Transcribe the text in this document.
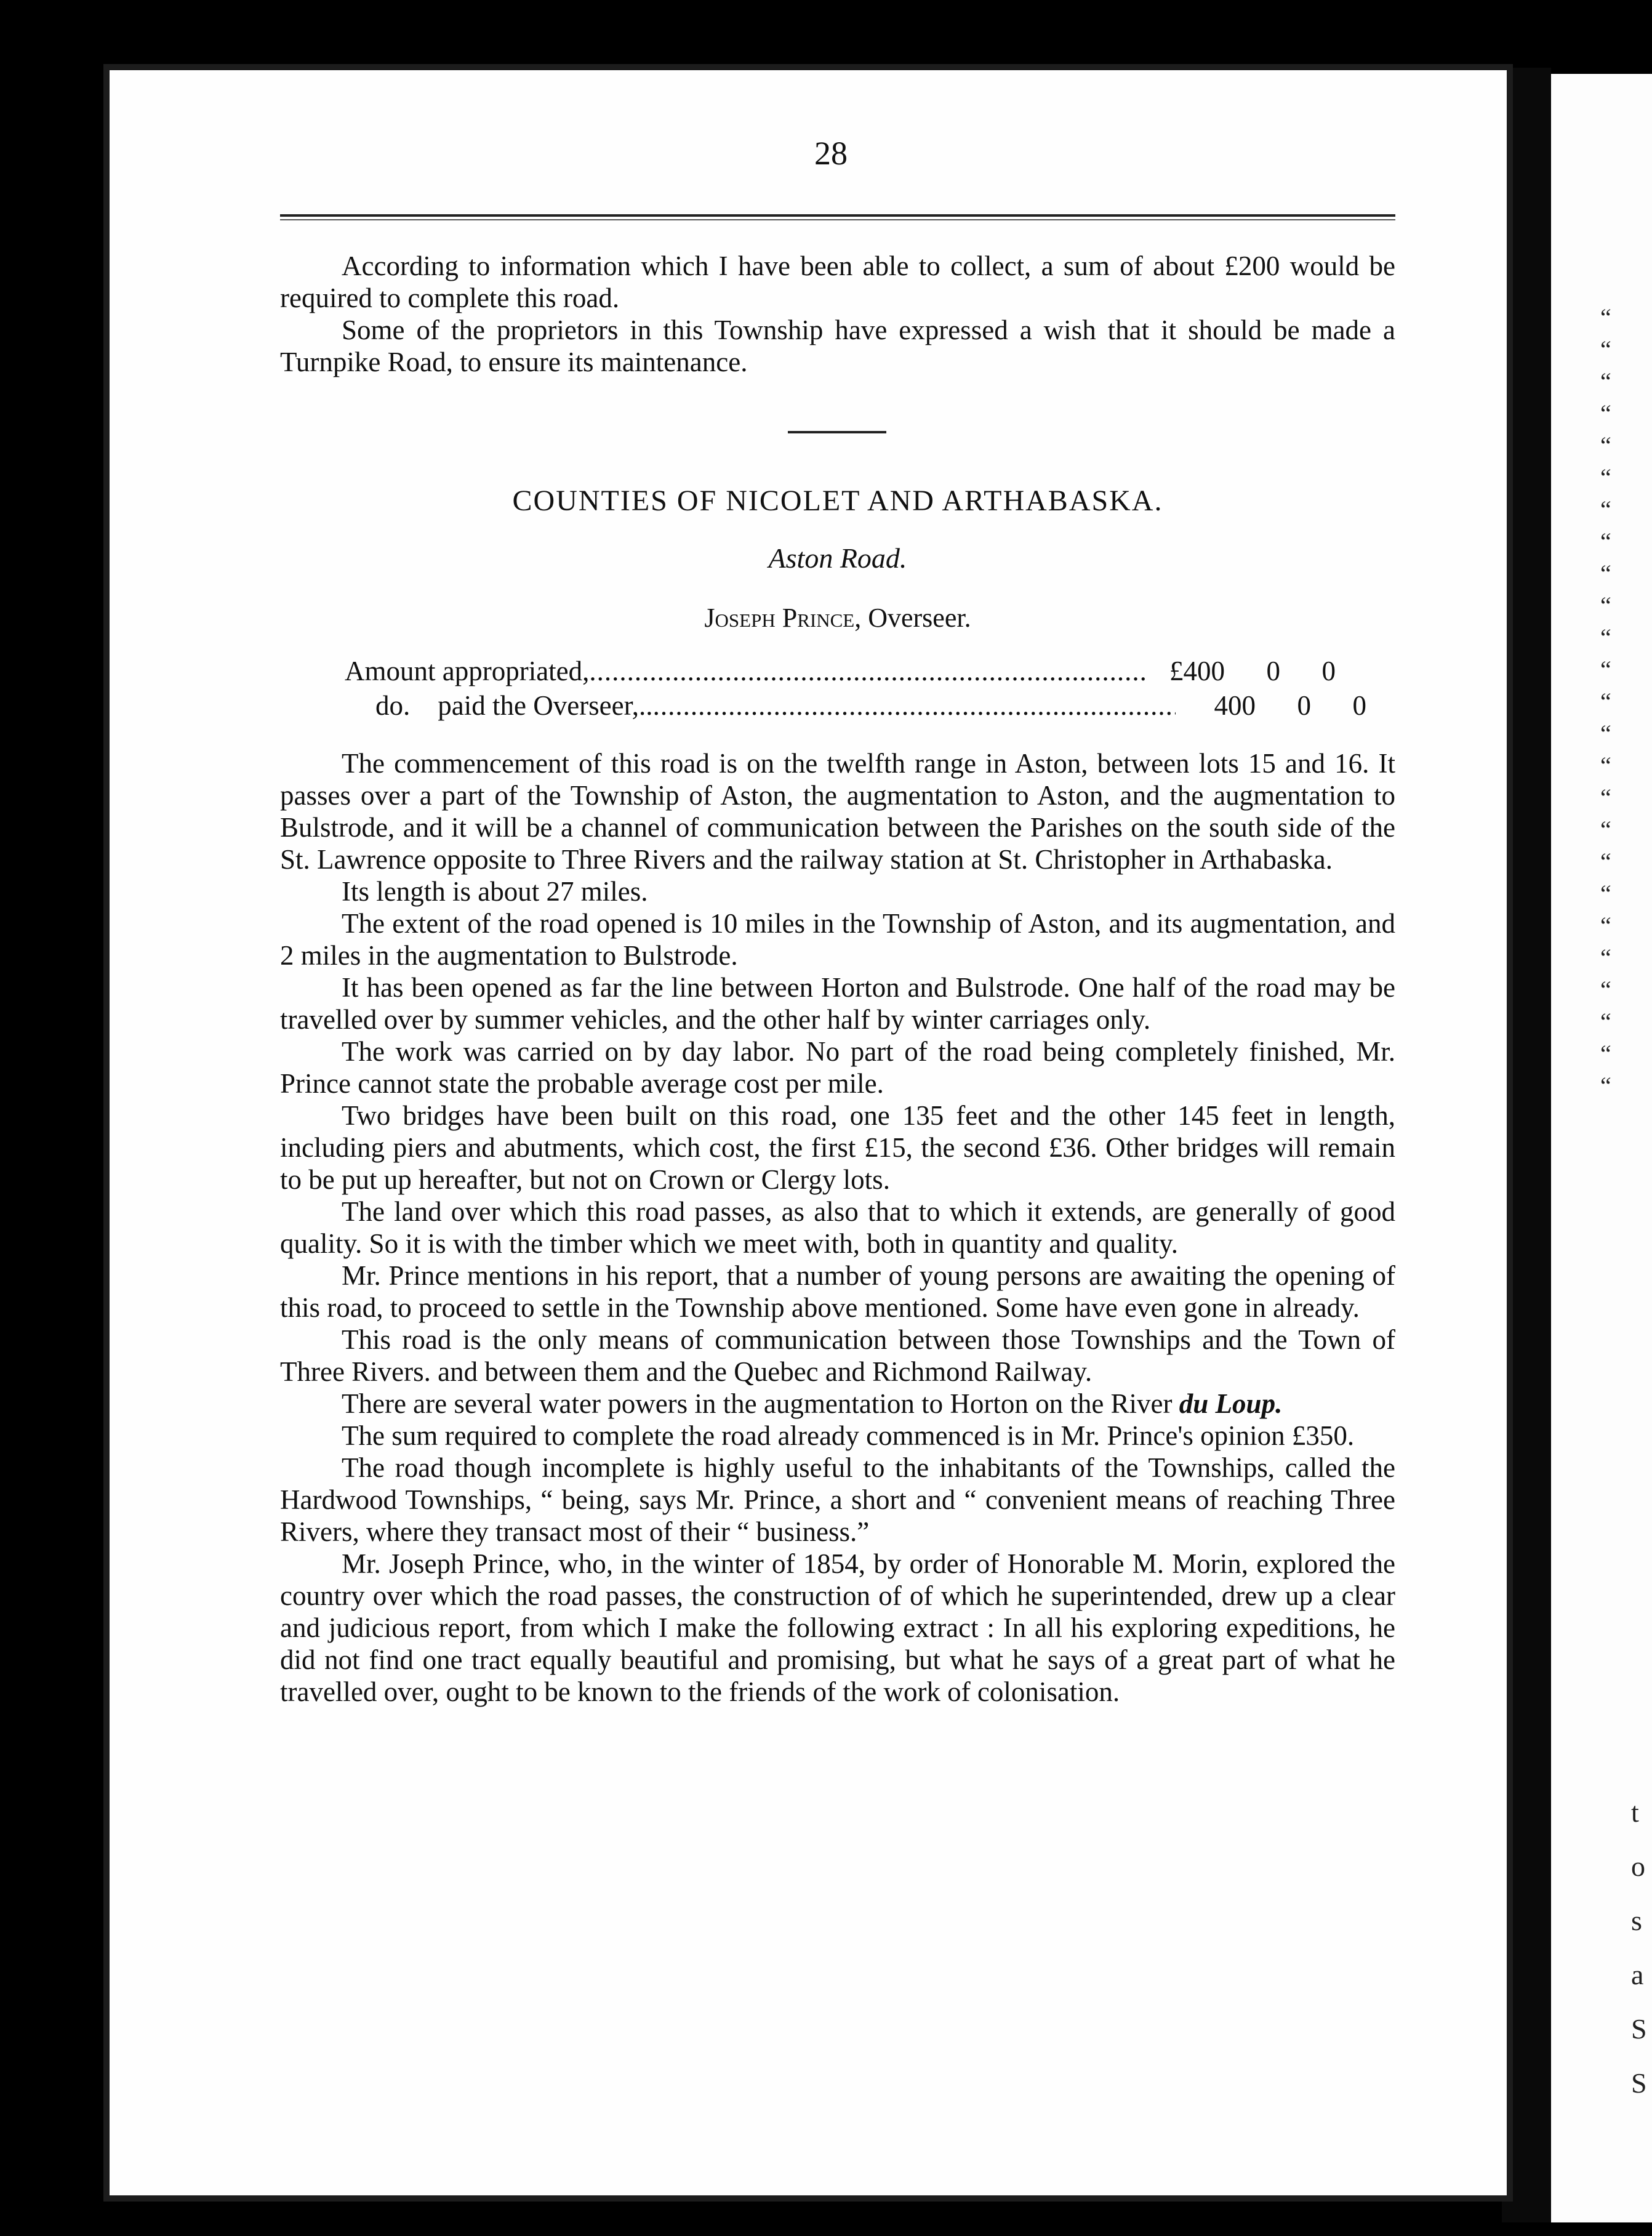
28

According to information which I have been able to collect, a sum of about £200 would be required to complete this road.

Some of the proprietors in this Township have expressed a wish that it should be made a Turnpike Road, to ensure its maintenance.

COUNTIES OF NICOLET AND ARTHABASKA.
Aston Road.
Joseph Prince, Overseer.
Amount appropriated, .....	£400	0	0
do. paid the Overseer,.. .....	400	0	0

The commencement of this road is on the twelfth range in Aston, between lots 15 and 16. It passes over a part of the Township of Aston, the augmentation to Aston, and the augmentation to Bulstrode, and it will be a channel of communication between the Parishes on the south side of the St. Lawrence opposite to Three Rivers and the railway station at St. Christopher in Arthabaska.

Its length is about 27 miles.

The extent of the road opened is 10 miles in the Township of Aston, and its augmentation, and 2 miles in the augmentation to Bulstrode.

It has been opened as far the line between Horton and Bulstrode. One half of the road may be travelled over by summer vehicles, and the other half by winter carriages only.

The work was carried on by day labor. No part of the road being completely finished, Mr. Prince cannot state the probable average cost per mile.

Two bridges have been built on this road, one 135 feet and the other 145 feet in length, including piers and abutments, which cost, the first £15, the second £36. Other bridges will remain to be put up hereafter, but not on Crown or Clergy lots.

The land over which this road passes, as also that to which it extends, are generally of good quality. So it is with the timber which we meet with, both in quantity and quality.

Mr. Prince mentions in his report, that a number of young persons are awaiting the opening of this road, to proceed to settle in the Township above mentioned. Some have even gone in already.

This road is the only means of communication between those Townships and the Town of Three Rivers. and between them and the Quebec and Richmond Railway.

There are several water powers in the augmentation to Horton on the River du Loup.

The sum required to complete the road already commenced is in Mr. Prince's opinion £350.

The road though incomplete is highly useful to the inhabitants of the Townships, called the Hardwood Townships, “ being, says Mr. Prince, a short and “ convenient means of reaching Three Rivers, where they transact most of their “ business.”

Mr. Joseph Prince, who, in the winter of 1854, by order of Honorable M. Morin, explored the country over which the road passes, the construction of of which he superintended, drew up a clear and judicious report, from which I make the following extract : In all his exploring expeditions, he did not find one tract equally beautiful and promising, but what he says of a great part of what he travelled over, ought to be known to the friends of the work of colonisation.

“
“
“
“
“
“
“
“
“
“
“
“
“
“
“
“
“
“
“
“
“
“
“
“
“
t
o
s
a
S
S
